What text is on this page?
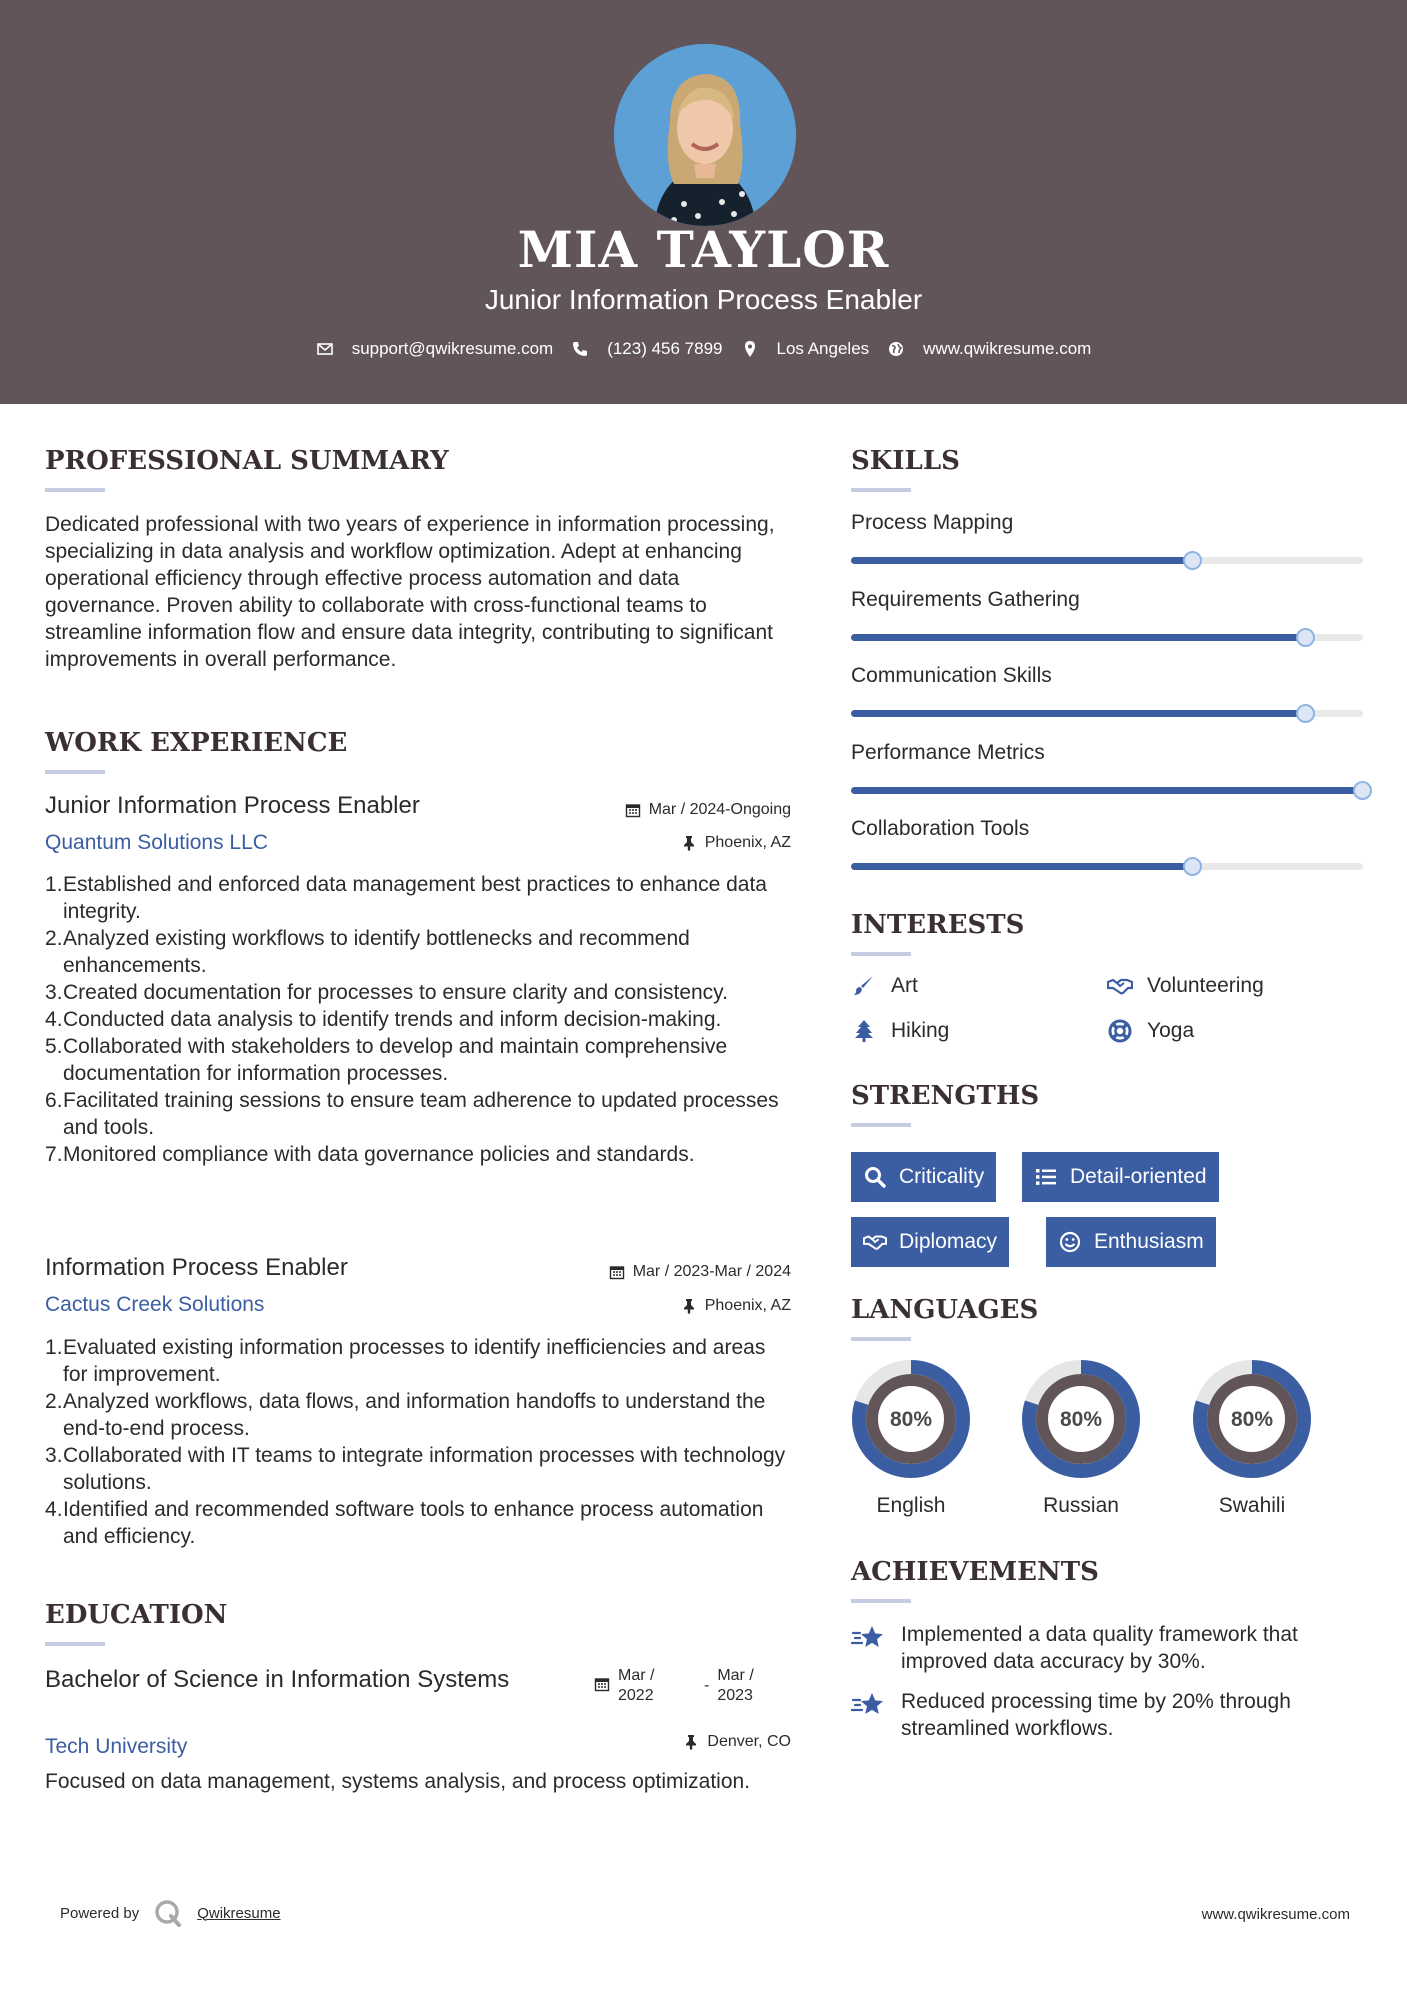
MIA TAYLOR
Junior Information Process Enabler
support@qwikresume.com	(123) 456 7899	Los Angeles	www.qwikresume.com
PROFESSIONAL SUMMARY
Dedicated professional with two years of experience in information processing, specializing in data analysis and workflow optimization. Adept at enhancing operational efficiency through effective process automation and data governance. Proven ability to collaborate with cross-functional teams to streamline information flow and ensure data integrity, contributing to significant improvements in overall performance.
WORK EXPERIENCE
Junior Information Process Enabler	Mar / 2024-Ongoing
Quantum Solutions LLC	Phoenix, AZ
Established and enforced data management best practices to enhance data integrity.
Analyzed existing workflows to identify bottlenecks and recommend enhancements.
Created documentation for processes to ensure clarity and consistency.
Conducted data analysis to identify trends and inform decision-making.
Collaborated with stakeholders to develop and maintain comprehensive documentation for information processes.
Facilitated training sessions to ensure team adherence to updated processes and tools.
Monitored compliance with data governance policies and standards.
Information Process Enabler	Mar / 2023-Mar / 2024
Cactus Creek Solutions	Phoenix, AZ
Evaluated existing information processes to identify inefficiencies and areas for improvement.
Analyzed workflows, data flows, and information handoffs to understand the end-to-end process.
Collaborated with IT teams to integrate information processes with technology solutions.
Identified and recommended software tools to enhance process automation and efficiency.
EDUCATION
Bachelor of Science in Information Systems	Mar / 2022
-
Mar / 2023
Tech University	Denver, CO
Focused on data management, systems analysis, and process optimization.
SKILLS
Process Mapping
Requirements Gathering
Communication Skills
Performance Metrics
Collaboration Tools
INTERESTS
Art	Volunteering
Hiking	Yoga
STRENGTHS
Criticality	Detail-oriented
Diplomacy	Enthusiasm
LANGUAGES
80%
English
80%
Russian
80%
Swahili
ACHIEVEMENTS
Implemented a data quality framework that improved data accuracy by 30%.
Reduced processing time by 20% through streamlined workflows.
Powered by	Qwikresume	www.qwikresume.com
